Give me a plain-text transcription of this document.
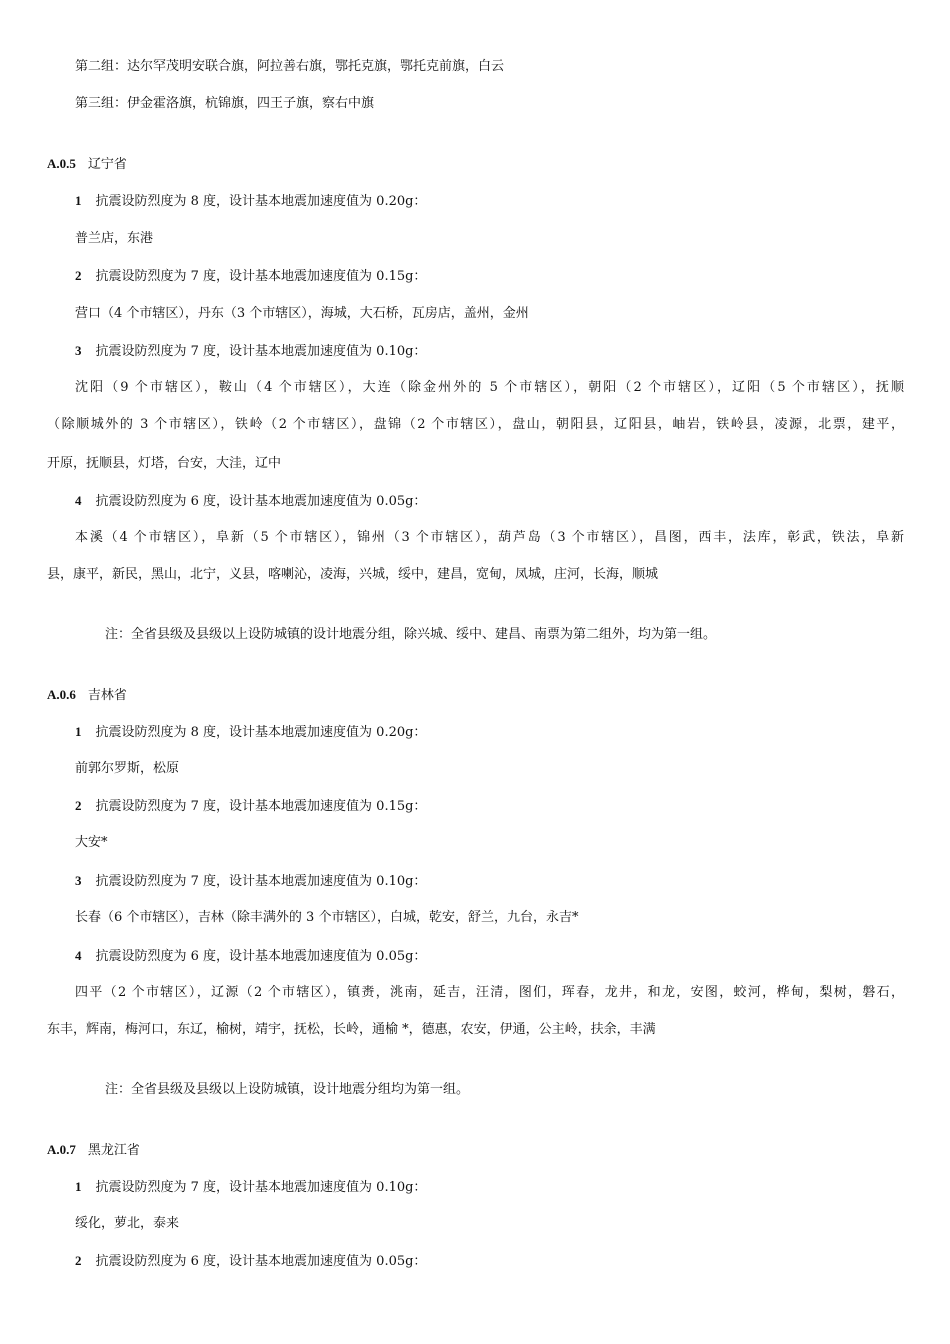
第二组：达尔罕茂明安联合旗，阿拉善右旗，鄂托克旗，鄂托克前旗，白云
第三组：伊金霍洛旗，杭锦旗，四王子旗，察右中旗
A.0.5 辽宁省
1 抗震设防烈度为 8 度，设计基本地震加速度值为 0.20g：
普兰店，东港
2 抗震设防烈度为 7 度，设计基本地震加速度值为 0.15g：
营口（4 个市辖区），丹东（3 个市辖区），海城，大石桥，瓦房店，盖州，金州
3 抗震设防烈度为 7 度，设计基本地震加速度值为 0.10g：
沈阳（9 个市辖区），鞍山（4 个市辖区），大连（除金州外的 5 个市辖区），朝阳（2 个市辖区），辽阳（5 个市辖区），抚顺
（除顺城外的 3 个市辖区），铁岭（2 个市辖区），盘锦（2 个市辖区），盘山，朝阳县，辽阳县，岫岩，铁岭县，凌源，北票，建平，
开原，抚顺县，灯塔，台安，大洼，辽中
4 抗震设防烈度为 6 度，设计基本地震加速度值为 0.05g：
本溪（4 个市辖区），阜新（5 个市辖区），锦州（3 个市辖区），葫芦岛（3 个市辖区），昌图，西丰，法库，彰武，铁法，阜新
县，康平，新民，黑山，北宁，义县，喀喇沁，凌海，兴城，绥中，建昌，宽甸，凤城，庄河，长海，顺城
注：全省县级及县级以上设防城镇的设计地震分组，除兴城、绥中、建昌、南票为第二组外，均为第一组。
A.0.6 吉林省
1 抗震设防烈度为 8 度，设计基本地震加速度值为 0.20g：
前郭尔罗斯，松原
2 抗震设防烈度为 7 度，设计基本地震加速度值为 0.15g：
大安*
3 抗震设防烈度为 7 度，设计基本地震加速度值为 0.10g：
长春（6 个市辖区），吉林（除丰满外的 3 个市辖区），白城，乾安，舒兰，九台，永吉*
4 抗震设防烈度为 6 度，设计基本地震加速度值为 0.05g：
四平（2 个市辖区），辽源（2 个市辖区），镇赉，洮南，延吉，汪清，图们，珲春，龙井，和龙，安图，蛟河，桦甸，梨树，磐石，
东丰，辉南，梅河口，东辽，榆树，靖宇，抚松，长岭，通榆 *，德惠，农安，伊通，公主岭，扶余，丰满
注：全省县级及县级以上设防城镇，设计地震分组均为第一组。
A.0.7 黑龙江省
1 抗震设防烈度为 7 度，设计基本地震加速度值为 0.10g：
绥化，萝北，泰来
2 抗震设防烈度为 6 度，设计基本地震加速度值为 0.05g：
